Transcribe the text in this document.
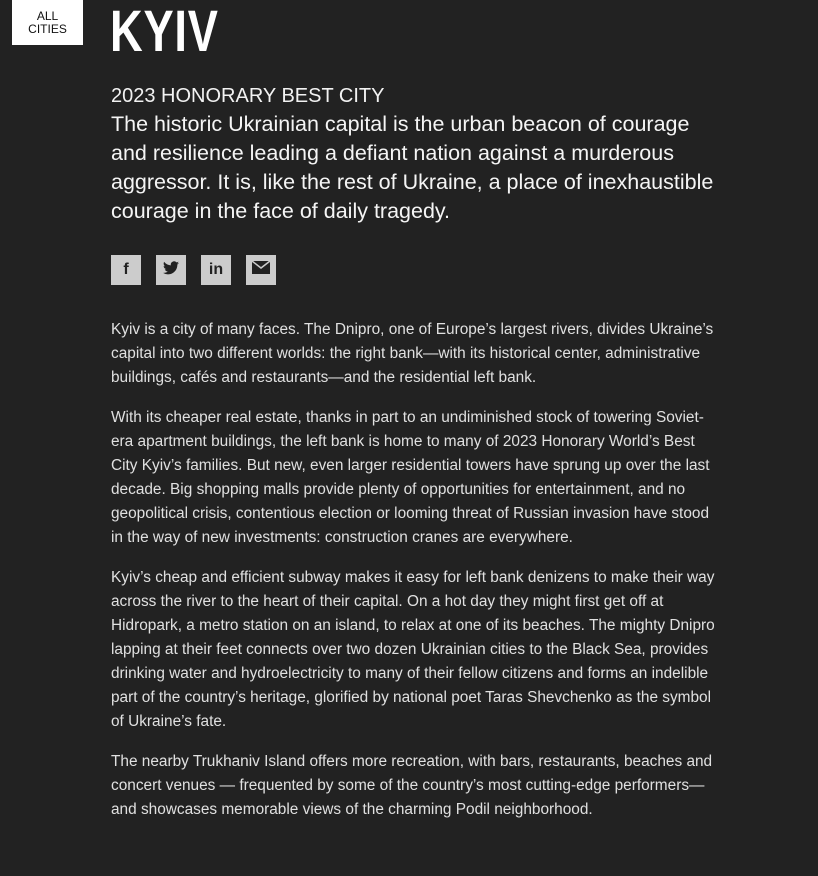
ALL CITIES KYIV
2023 HONORARY BEST CITY

The historic Ukrainian capital is the urban beacon of courage and resilience leading a defiant nation against a murderous aggressor. It is, like the rest of Ukraine, a place of inexhaustible courage in the face of daily tragedy.

f	in

Kyiv is a city of many faces. The Dnipro, one of Europe’s largest rivers, divides Ukraine’s capital into two different worlds: the right bank—with its historical center, administrative buildings, cafés and restaurants—and the residential left bank.

With its cheaper real estate, thanks in part to an undiminished stock of towering Soviet-era apartment buildings, the left bank is home to many of 2023 Honorary World’s Best City Kyiv’s families. But new, even larger residential towers have sprung up over the last decade. Big shopping malls provide plenty of opportunities for entertainment, and no geopolitical crisis, contentious election or looming threat of Russian invasion have stood in the way of new investments: construction cranes are everywhere.

Kyiv’s cheap and efficient subway makes it easy for left bank denizens to make their way across the river to the heart of their capital. On a hot day they might first get off at Hidropark, a metro station on an island, to relax at one of its beaches. The mighty Dnipro lapping at their feet connects over two dozen Ukrainian cities to the Black Sea, provides drinking water and hydroelectricity to many of their fellow citizens and forms an indelible part of the country’s heritage, glorified by national poet Taras Shevchenko as the symbol of Ukraine’s fate.

The nearby Trukhaniv Island offers more recreation, with bars, restaurants, beaches and concert venues — frequented by some of the country’s most cutting-edge performers—and showcases memorable views of the charming Podil neighborhood.
